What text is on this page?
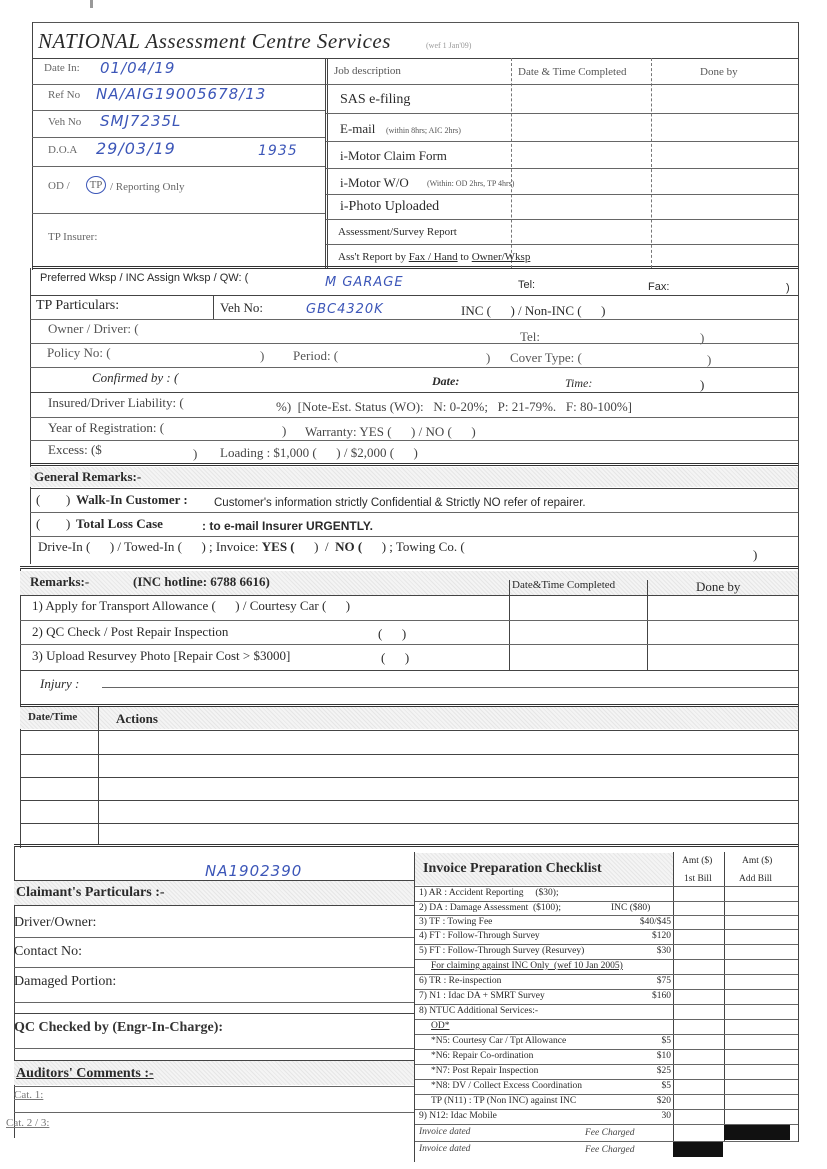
NATIONAL Assessment Centre Services	(wef 1 Jan'09)
Date In: 01/04/19
Ref No NA/AIG19005678/13
Veh No SMJ7235L
D.O.A 29/03/19	1935
OD /	TP / Reporting Only
TP Insurer:
Job description	Date & Time Completed	Done by
SAS e-filing
E-mail (within 8hrs; AIC 2hrs)
i-Motor Claim Form
i-Motor W/O (Within: OD 2hrs, TP 4hrs)
i-Photo Uploaded
Assessment/Survey Report
Ass't Report by Fax / Hand to Owner/Wksp
Preferred Wksp / INC Assign Wksp / QW: (	M GARAGE	Tel:	Fax:	)
TP Particulars:	Veh No:	GBC4320K	INC (      ) / Non-INC (      )
Owner / Driver: (
Tel:	)
Policy No: (	) Period: (	) Cover Type: (	)
Confirmed by : (	Date:	Time:	)
Insured/Driver Liability: (	%)  [Note-Est. Status (WO):   N: 0-20%;   P: 21-79%.   F: 80-100%]
Year of Registration: (	) Warranty: YES (      ) / NO (      )
Excess: ($	) Loading : $1,000 (      ) / $2,000 (      )
General Remarks:-
( ) Walk-In Customer : Customer's information strictly Confidential & Strictly NO refer of repairer.
( ) Total Loss Case	: to e-mail Insurer URGENTLY.
Drive-In (      ) / Towed-In (      ) ; Invoice: YES ( )  /  NO ( ) ; Towing Co. (
)
Remarks:-	(INC hotline: 6788 6616)	Date&Time Completed	Done by
1) Apply for Transport Allowance (      ) / Courtesy Car (      )
2) QC Check / Post Repair Inspection	(      )
3) Upload Resurvey Photo [Repair Cost > $3000]	(      )
Injury :
Date/Time	Actions
NA1902390
Claimant's Particulars :-
Driver/Owner:
Contact No:
Damaged Portion:
QC Checked by (Engr-In-Charge):
Auditors' Comments :-
Cat. 1:
Cat. 2 / 3:
Invoice Preparation Checklist	Amt ($)
1st Bill
Amt ($)
Add Bill
1) AR : Accident Reporting     ($30);
2) DA : Damage Assessment  ($100);	INC ($80)
3) TF : Towing Fee	$40/$45
4) FT : Follow-Through Survey	$120
5) FT : Follow-Through Survey (Resurvey)	$30
For claiming against INC Only  (wef 10 Jan 2005)
6) TR : Re-inspection	$75
7) N1 : Idac DA + SMRT Survey	$160
8) NTUC Additional Services:-
OD*
*N5: Courtesy Car / Tpt Allowance	$5
*N6: Repair Co-ordination	$10
*N7: Post Repair Inspection	$25
*N8: DV / Collect Excess Coordination	$5
TP (N11) : TP (Non INC) against INC	$20
9) N12: Idac Mobile	30
Invoice dated	Fee Charged
Invoice dated	Fee Charged
